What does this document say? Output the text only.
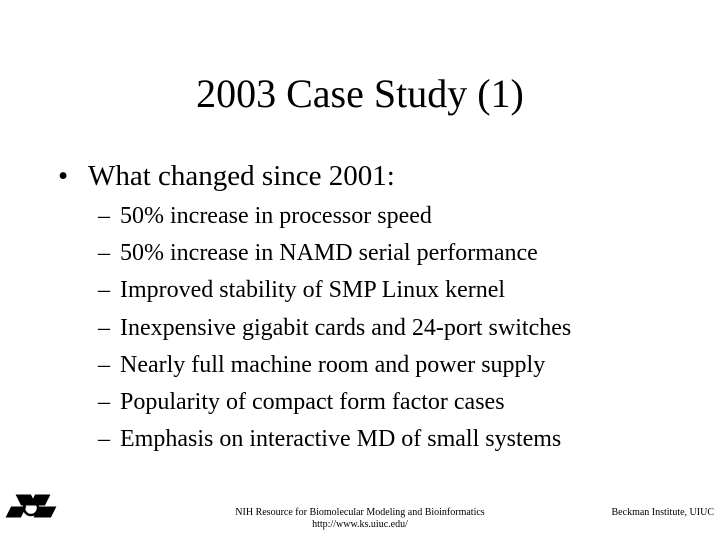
2003 Case Study (1)
• What changed since 2001:
– 50% increase in processor speed
– 50% increase in NAMD serial performance
– Improved stability of SMP Linux kernel
– Inexpensive gigabit cards and 24-port switches
– Nearly full machine room and power supply
– Popularity of compact form factor cases
– Emphasis on interactive MD of small systems
NIH Resource for Biomolecular Modeling and Bioinformatics
http://www.ks.uiuc.edu/
Beckman Institute, UIUC
